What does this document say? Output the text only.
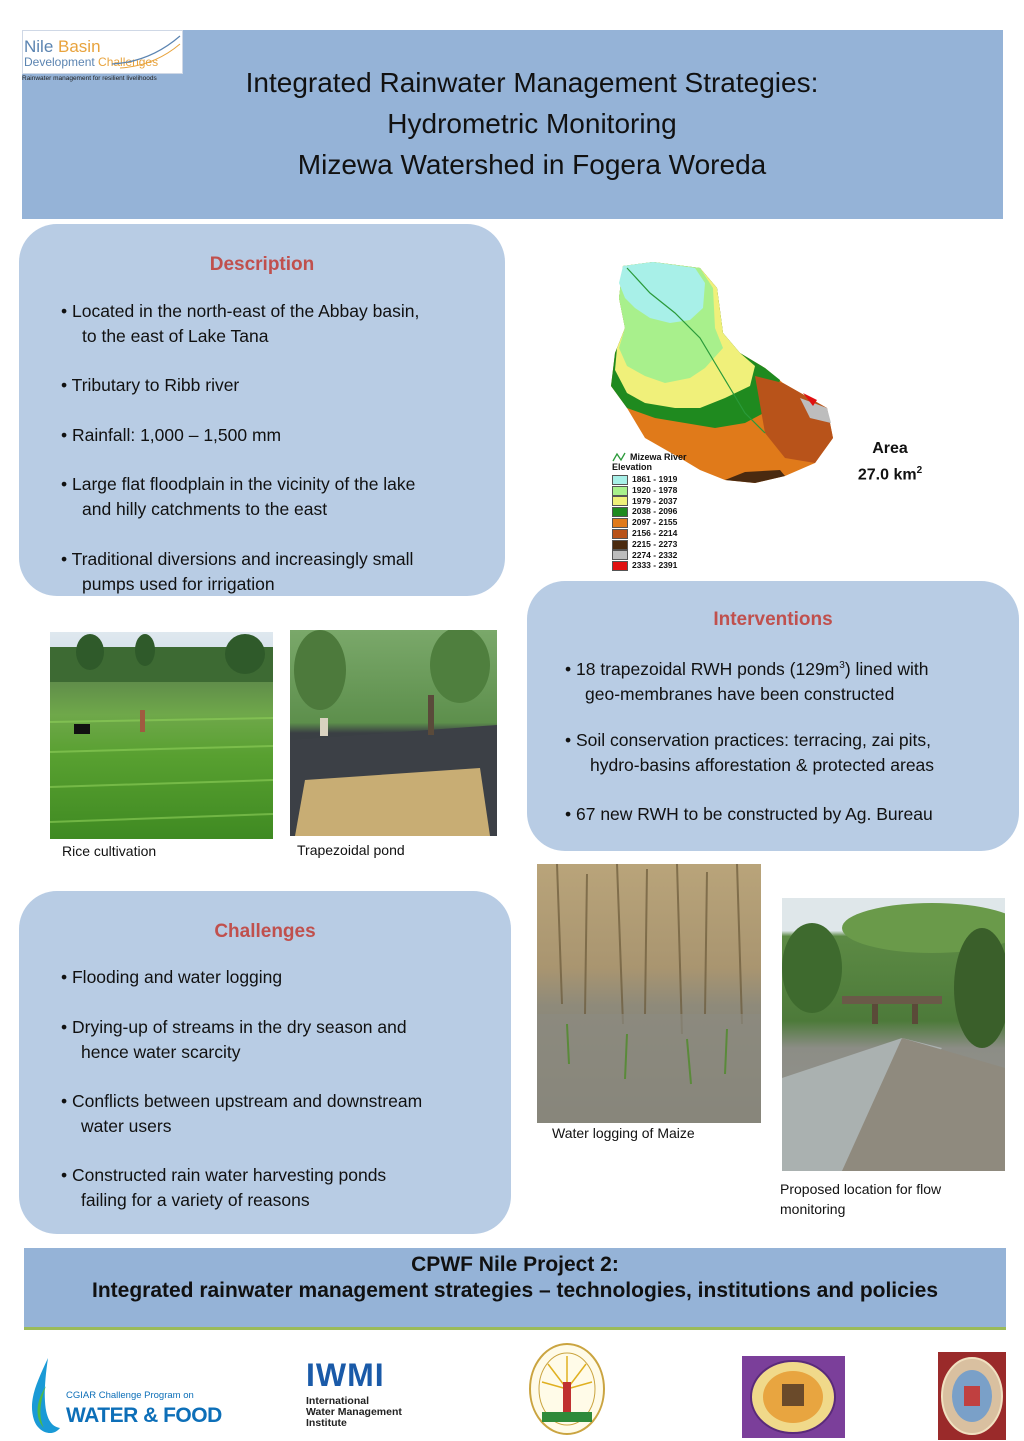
Nile Basin
Development Challenges
Rainwater management for resilient livelihoods	Integrated Rainwater Management Strategies:
Hydrometric Monitoring
Mizewa Watershed in Fogera Woreda
Description
• Located in the north-east of the Abbay basin,
to the east of Lake Tana
• Tributary to Ribb river
• Rainfall: 1,000 – 1,500 mm
• Large flat floodplain in the vicinity of the lake
and hilly catchments to the east
• Traditional diversions and increasingly small
pumps used for irrigation
Mizewa River
Elevation
1861 - 1919
1920 - 1978
1979 - 2037
2038 - 2096
2097 - 2155
2156 - 2214
2215 - 2273
2274 - 2332
2333 - 2391
Area
27.0 $km^2$
Interventions
• 18 trapezoidal RWH ponds $(129m^3)$ lined with
geo-membranes have been constructed
• Soil conservation practices: terracing, zai pits,
hydro-basins afforestation & protected areas
• 67 new RWH to be constructed by Ag. Bureau
Rice cultivation	Trapezoidal pond
Challenges
• Flooding and water logging
• Drying-up of streams in the dry season and
hence water scarcity
• Conflicts between upstream and downstream
water users
• Constructed rain water harvesting ponds
failing for a variety of reasons
Water logging of Maize
Proposed location for flow
monitoring
CPWF Nile Project 2:
Integrated rainwater management strategies – technologies, institutions and policies
CGIAR Challenge Program on
WATER & FOOD
IWMI
International
Water Management
Institute
